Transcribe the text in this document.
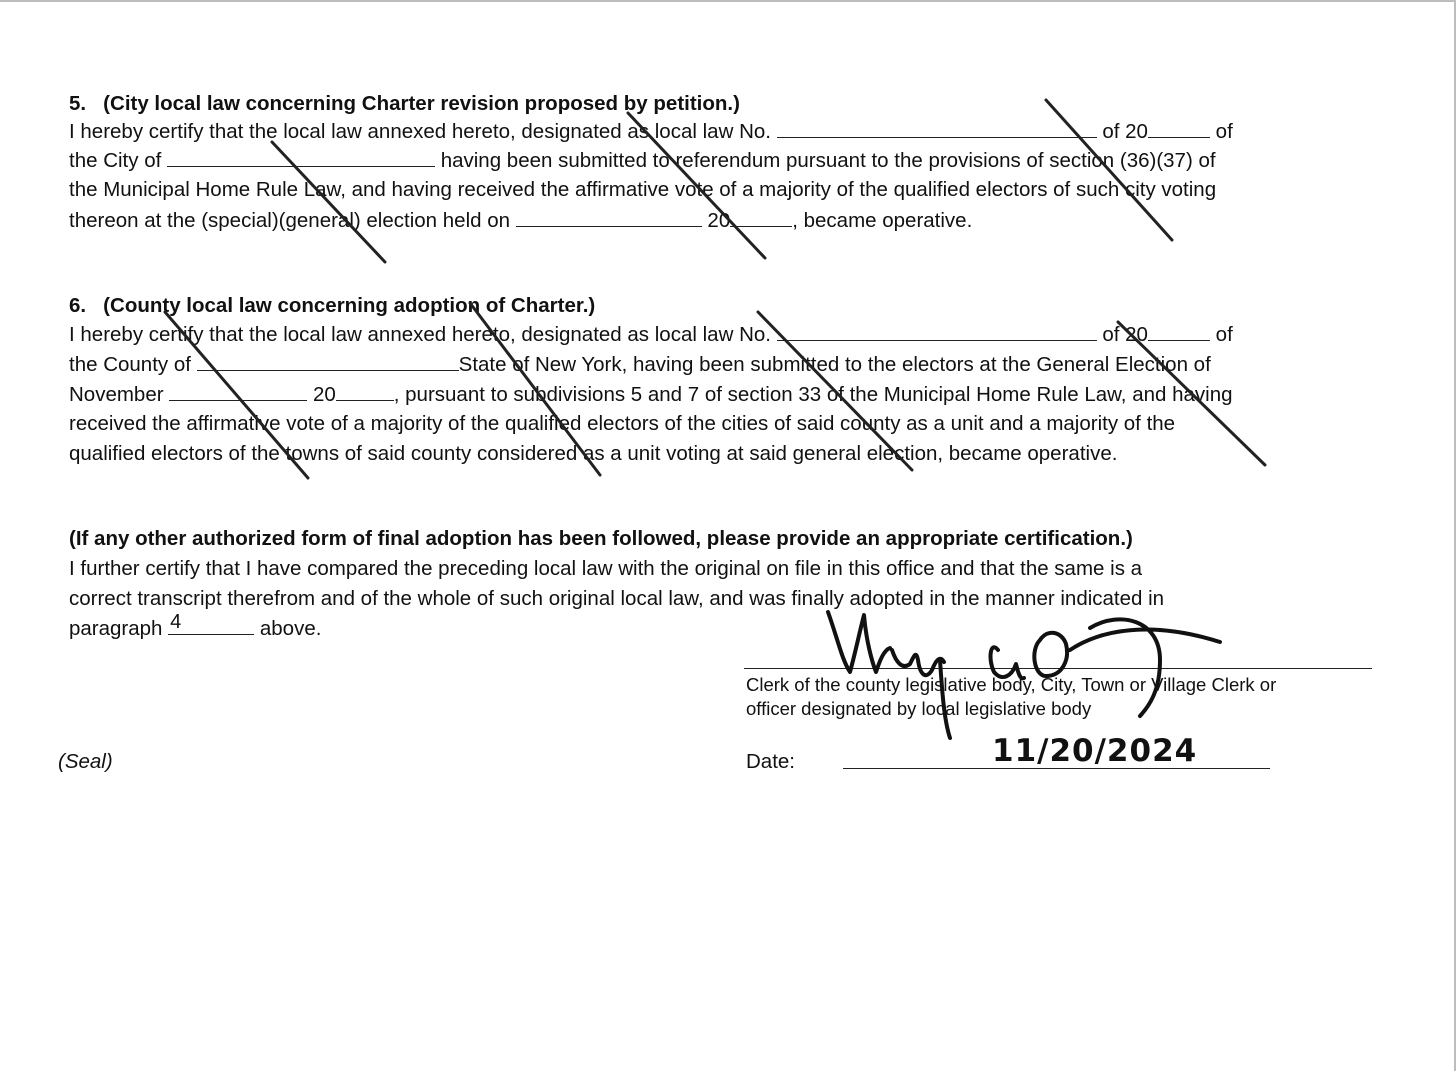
5.   (City local law concerning Charter revision proposed by petition.)
I hereby certify that the local law annexed hereto, designated as local law No.	of 20	of
the City of	having been submitted to referendum pursuant to the provisions of section (36)(37) of
the Municipal Home Rule Law, and having received the affirmative vote of a majority of the qualified electors of such city voting
thereon at the (special)(general) election held on	20	, became operative.
6.   (County local law concerning adoption of Charter.)
I hereby certify that the local law annexed hereto, designated as local law No.	of 20	of
the County of	State of New York, having been submitted to the electors at the General Election of
November	20	, pursuant to subdivisions 5 and 7 of section 33 of the Municipal Home Rule Law, and having
received the affirmative vote of a majority of the qualified electors of the cities of said county as a unit and a majority of the
qualified electors of the towns of said county considered as a unit voting at said general election, became operative.
(If any other authorized form of final adoption has been followed, please provide an appropriate certification.)
I further certify that I have compared the preceding local law with the original on file in this office and that the same is a
correct transcript therefrom and of the whole of such original local law, and was finally adopted in the manner indicated in
paragraph 4	above.
Clerk of the county legislative body, City, Town or Village Clerk or
officer designated by local legislative body
(Seal)	Date:	11/20/2024
